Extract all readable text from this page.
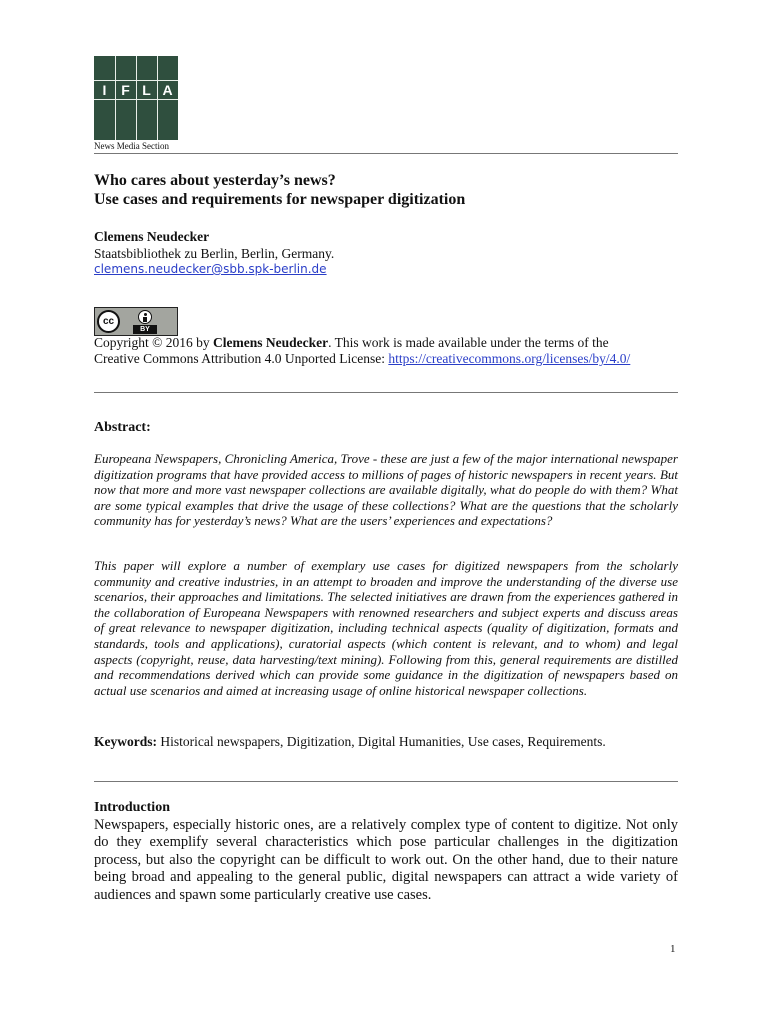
I	F L A
News Media Section
Who cares about yesterday’s news?
Use cases and requirements for newspaper digitization
Clemens Neudecker
Staatsbibliothek zu Berlin, Berlin, Germany.
clemens.neudecker@sbb.spk-berlin.de
cc
BY
Copyright © 2016 by Clemens Neudecker. This work is made available under the terms of the
Creative Commons Attribution 4.0 Unported License: https://creativecommons.org/licenses/by/4.0/
Abstract:
Europeana Newspapers, Chronicling America, Trove - these are just a few of the major international newspaper digitization programs that have provided access to millions of pages of historic newspapers in recent years. But now that more and more vast newspaper collections are available digitally, what do people do with them? What are some typical examples that drive the usage of these collections? What are the questions that the scholarly community has for yesterday’s news? What are the users’ experiences and expectations?
This paper will explore a number of exemplary use cases for digitized newspapers from the scholarly community and creative industries, in an attempt to broaden and improve the understanding of the diverse use scenarios, their approaches and limitations. The selected initiatives are drawn from the experiences gathered in the collaboration of Europeana Newspapers with renowned researchers and subject experts and discuss areas of great relevance to newspaper digitization, including technical aspects (quality of digitization, formats and standards, tools and applications), curatorial aspects (which content is relevant, and to whom) and legal aspects (copyright, reuse, data harvesting/text mining). Following from this, general requirements are distilled and recommendations derived which can provide some guidance in the digitization of newspapers based on actual use scenarios and aimed at increasing usage of online historical newspaper collections.
Keywords: Historical newspapers, Digitization, Digital Humanities, Use cases, Requirements.
Introduction
Newspapers, especially historic ones, are a relatively complex type of content to digitize. Not only do they exemplify several characteristics which pose particular challenges in the digitization process, but also the copyright can be difficult to work out. On the other hand, due to their nature being broad and appealing to the general public, digital newspapers can attract a wide variety of audiences and spawn some particularly creative use cases.
1
